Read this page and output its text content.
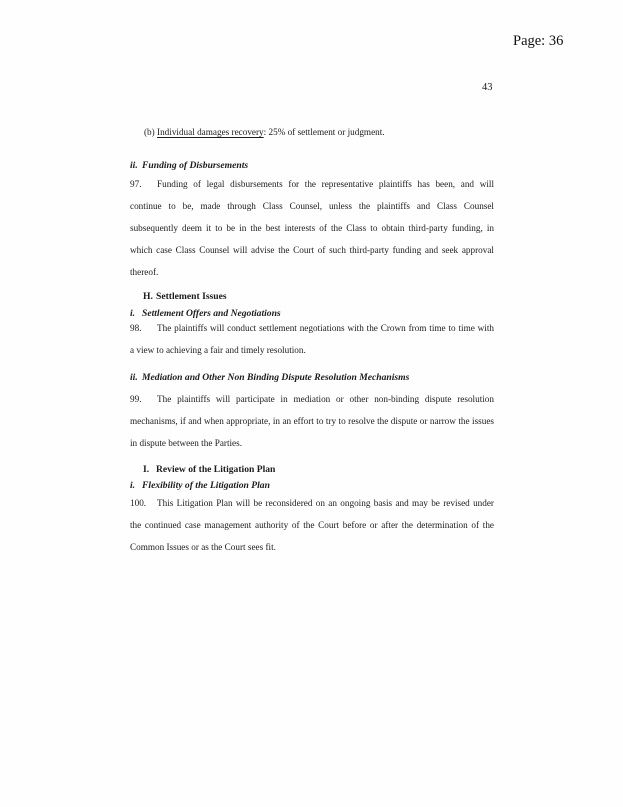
Page: 36
43
(b) Individual damages recovery: 25% of settlement or judgment.
ii. Funding of Disbursements
97. Funding of legal disbursements for the representative plaintiffs has been, and will
continue to be, made through Class Counsel, unless the plaintiffs and Class Counsel
subsequently deem it to be in the best interests of the Class to obtain third-party funding, in
which case Class Counsel will advise the Court of such third-party funding and seek approval
thereof.
H. Settlement Issues
i. Settlement Offers and Negotiations
98. The plaintiffs will conduct settlement negotiations with the Crown from time to time with
a view to achieving a fair and timely resolution.
ii. Mediation and Other Non Binding Dispute Resolution Mechanisms
99. The plaintiffs will participate in mediation or other non-binding dispute resolution
mechanisms, if and when appropriate, in an effort to try to resolve the dispute or narrow the issues
in dispute between the Parties.
I. Review of the Litigation Plan
i. Flexibility of the Litigation Plan
100. This Litigation Plan will be reconsidered on an ongoing basis and may be revised under
the continued case management authority of the Court before or after the determination of the
Common Issues or as the Court sees fit.
